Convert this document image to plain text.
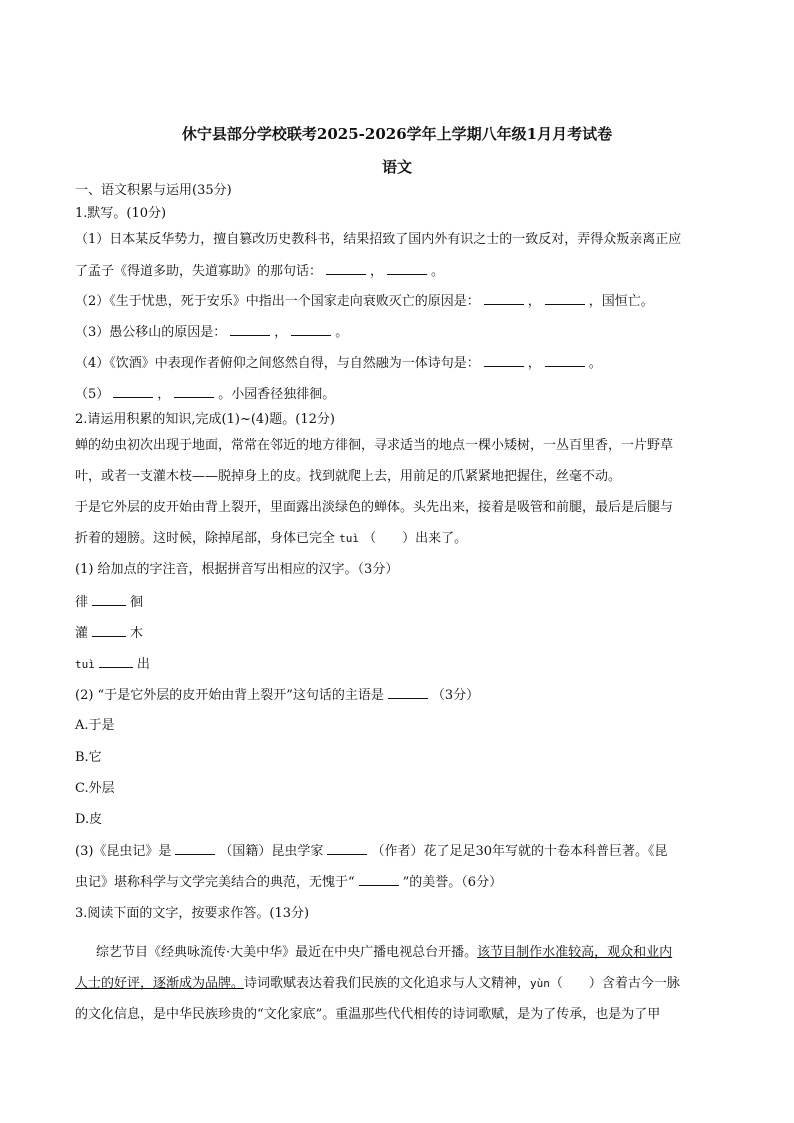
休宁县部分学校联考2025-2026学年上学期八年级1月月考试卷
语文
一、语文积累与运用(35分)
1.默写。(10分)
（1）日本某反华势力，擅自篡改历史教科书，结果招致了国内外有识之士的一致反对，弄得众叛亲离正应
了孟子《得道多助，失道寡助》的那句话：	，	。
（2）《生于忧患，死于安乐》中指出一个国家走向衰败灭亡的原因是：	，	，国恒亡。
（3）愚公移山的原因是：	，	。
（4）《饮酒》中表现作者俯仰之间悠然自得，与自然融为一体诗句是：	，	。
（5）	，	。小园香径独徘徊。
2.请运用积累的知识,完成(1)~(4)题。(12分)
蝉的幼虫初次出现于地面，常常在邻近的地方徘徊，寻求适当的地点一棵小矮树，一丛百里香，一片野草
叶，或者一支灌木枝——脱掉身上的皮。找到就爬上去，用前足的爪紧紧地把握住，丝毫不动。
于是它外层的皮开始由背上裂开，里面露出淡绿色的蝉体。头先出来，接着是吸管和前腿，最后是后腿与
折着的翅膀。这时候，除掉尾部，身体已完全 tuì （　　）出来了。
(1) 给加点的字注音，根据拼音写出相应的汉字。（3分）
徘	徊
灌	木
tuì	出
(2) “于是它外层的皮开始由背上裂开”这句话的主语是	（3分）
A.于是
B.它
C.外层
D.皮
(3)《昆虫记》是	（国籍）昆虫学家	（作者）花了足足30年写就的十卷本科普巨著。《昆
虫记》堪称科学与文学完美结合的典范，无愧于“	”的美誉。（6分）
3.阅读下面的文字，按要求作答。(13分)
综艺节目《经典咏流传·大美中华》最近在中央广播电视总台开播。该节目制作水准较高，观众和业内
人士的好评，逐渐成为品牌。诗词歌赋表达着我们民族的文化追求与人文精神，yùn（　　）含着古今一脉
的文化信息，是中华民族珍贵的“文化家底”。重温那些代代相传的诗词歌赋，是为了传承，也是为了甲
